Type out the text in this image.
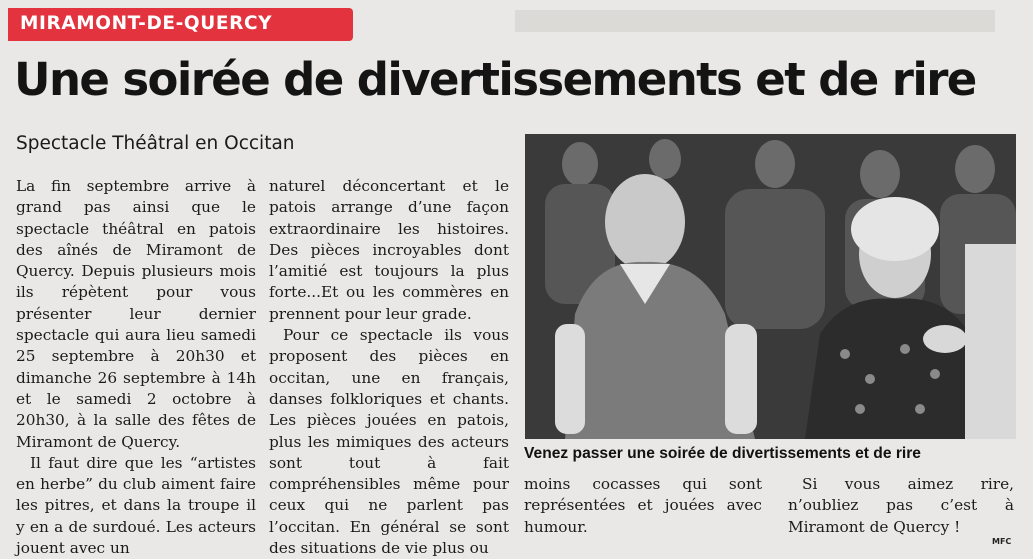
MIRAMONT-DE-QUERCY
Une soirée de divertissements et de rire
Spectacle Théâtral en Occitan

La fin septembre arrive à grand pas ainsi que le spectacle théâtral en patois des aînés de Miramont de Quercy. Depuis plusieurs mois ils répètent pour vous présenter leur dernier spectacle qui aura lieu samedi 25 septembre à 20h30 et dimanche 26 septembre à 14h et le samedi 2 octobre à 20h30, à la salle des fêtes de Miramont de Quercy.

Il faut dire que les “artistes en herbe” du club aiment faire les pitres, et dans la troupe il y en a de surdoué. Les acteurs jouent avec un

naturel déconcertant et le patois arrange d’une façon extraordinaire les histoires. Des pièces incroyables dont l’amitié est toujours la plus forte...Et ou les commères en prennent pour leur grade.

Pour ce spectacle ils vous proposent des pièces en occitan, une en français, danses folkloriques et chants. Les pièces jouées en patois, plus les mimiques des acteurs sont tout à fait compréhensibles même pour ceux qui ne parlent pas l’occitan. En général se sont des situations de vie plus ou

Venez passer une soirée de divertissements et de rire

moins cocasses qui sont représentées et jouées avec humour.

Si vous aimez rire, n’oubliez pas c’est à Miramont de Quercy !

MFC
